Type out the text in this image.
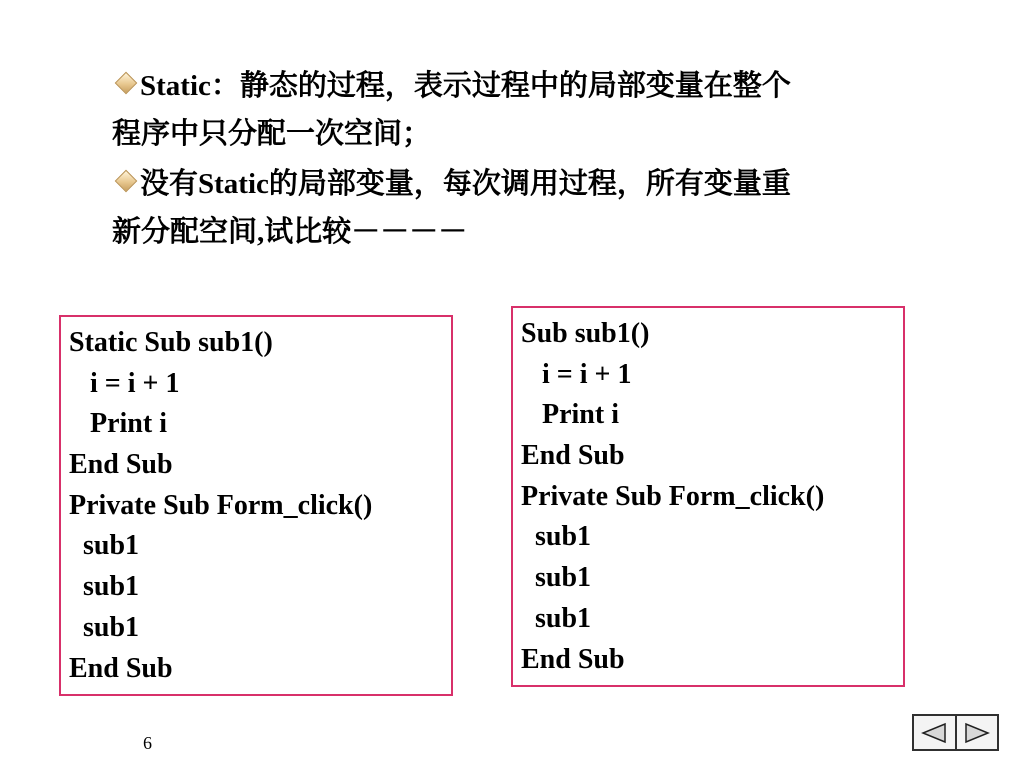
Static：静态的过程，表示过程中的局部变量在整个
程序中只分配一次空间；
没有Static的局部变量，每次调用过程，所有变量重
新分配空间,试比较－－－－
Static Sub sub1()
i = i + 1
Print i
End Sub
Private Sub Form_click()
sub1
sub1
sub1
End Sub
Sub sub1()
i = i + 1
Print i
End Sub
Private Sub Form_click()
sub1
sub1
sub1
End Sub
6
